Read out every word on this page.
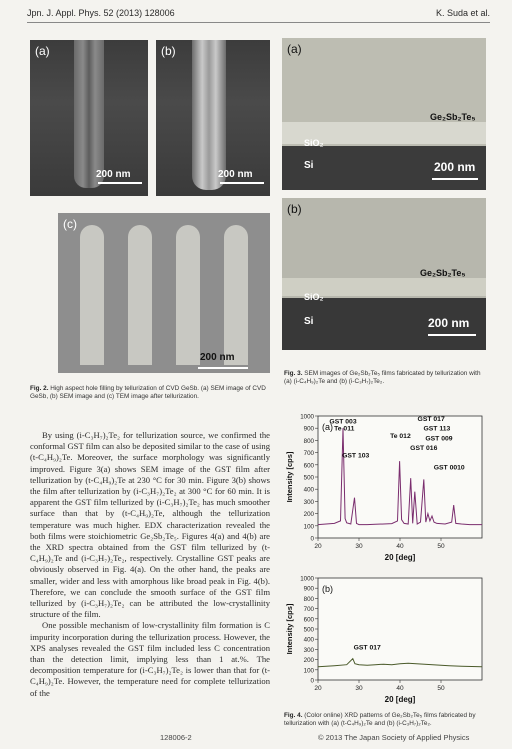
Jpn. J. Appl. Phys. 52 (2013) 128006	K. Suda et al.
(a)
200 nm
(b)
200 nm
(c)
200 nm
Fig. 2. High aspect hole filling by tellurization of CVD GeSb. (a) SEM image of CVD GeSb, (b) SEM image and (c) TEM image after tellurization.
(a)
Ge₂Sb₂Te₅
SiO₂
Si	200 nm
(b)
Ge₂Sb₂Te₅
SiO₂
Si	200 nm
Fig. 3. SEM images of Ge₂Sb₂Te₅ films fabricated by tellurization with (a) (i-C₄H₉)₂Te and (b) (i-C₃H₇)₂Te₂.

By using (i-C₃H₇)₂Te₂ for tellurization source, we confirmed the conformal GST film can also be deposited similar to the case of using (t-C₄H₉)₂Te. Moreover, the surface morphology was significantly improved. Figure 3(a) shows SEM image of the GST film after tellurization by (t-C₄H₉)₂Te at 230 °C for 30 min. Figure 3(b) shows the film after tellurization by (i-C₃H₇)₂Te₂ at 300 °C for 60 min. It is apparent the GST film tellurized by (i-C₃H₇)₂Te₂ has much smoother surface than that by (t-C₄H₉)₂Te, although the tellurization temperature was much higher. EDX characterization revealed the both films were stoichiometric Ge₂Sb₂Te₅. Figures 4(a) and 4(b) are the XRD spectra obtained from the GST film tellurized by (t-C₄H₉)₂Te and (i-C₃H₇)₂Te₂, respectively. Crystalline GST peaks are obviously observed in Fig. 4(a). On the other hand, the peaks are smaller, wider and less with amorphous like broad peak in Fig. 4(b). Therefore, we can conclude the smooth surface of the GST film tellurized by (i-C₃H₇)₂Te₂ can be attributed the low-crystallinity structure of the film.

One possible mechanism of low-crystallinity film formation is C impurity incorporation during the tellurization process. However, the XPS analyses revealed the GST film included less C concentration than the detection limit, implying less than 1 at.%. The decomposition temperature for (i-C₃H₇)₂Te₂ is lower than that for (t-C₄H₉)₂Te. However, the temperature need for complete tellurization of the

0
100
200
300
400
500
600
700
800
900
1000
20	30	40	50
(a)
Intensity [cps]
20 [deg]
GST 003
Te 011
GST 103
Te 012
GST 016
GST 017
GST 113
GST 009
GST 0010
0
100
200
300
400
500
600
700
800
900
1000
20	30	40	50
(b)
Intensity [cps]
20 [deg]
GST 017
Fig. 4. (Color online) XRD patterns of Ge₂Sb₂Te₅ films fabricated by tellurization with (a) (t-C₄H₉)₂Te and (b) (i-C₃H₇)₂Te₂.
128006-2	© 2013 The Japan Society of Applied Physics
